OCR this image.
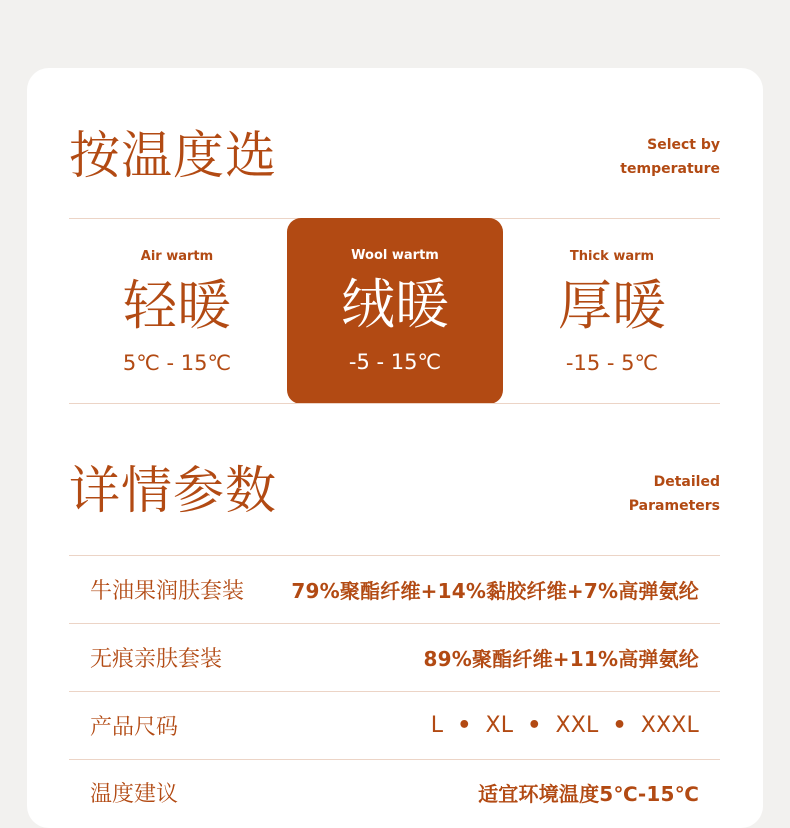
按温度选	Select by
temperature
Air wartm
轻暖
5℃ - 15℃
Wool wartm
绒暖
-5 - 15℃
Thick warm
厚暖
-15 - 5℃
详情参数	Detailed
Parameters
牛油果润肤套装 79%聚酯纤维+14%黏胶纤维+7%高弹氨纶
无痕亲肤套装	89%聚酯纤维+11%高弹氨纶
产品尺码	L • XL • XXL • XXXL
温度建议	适宜环境温度5℃-15℃
